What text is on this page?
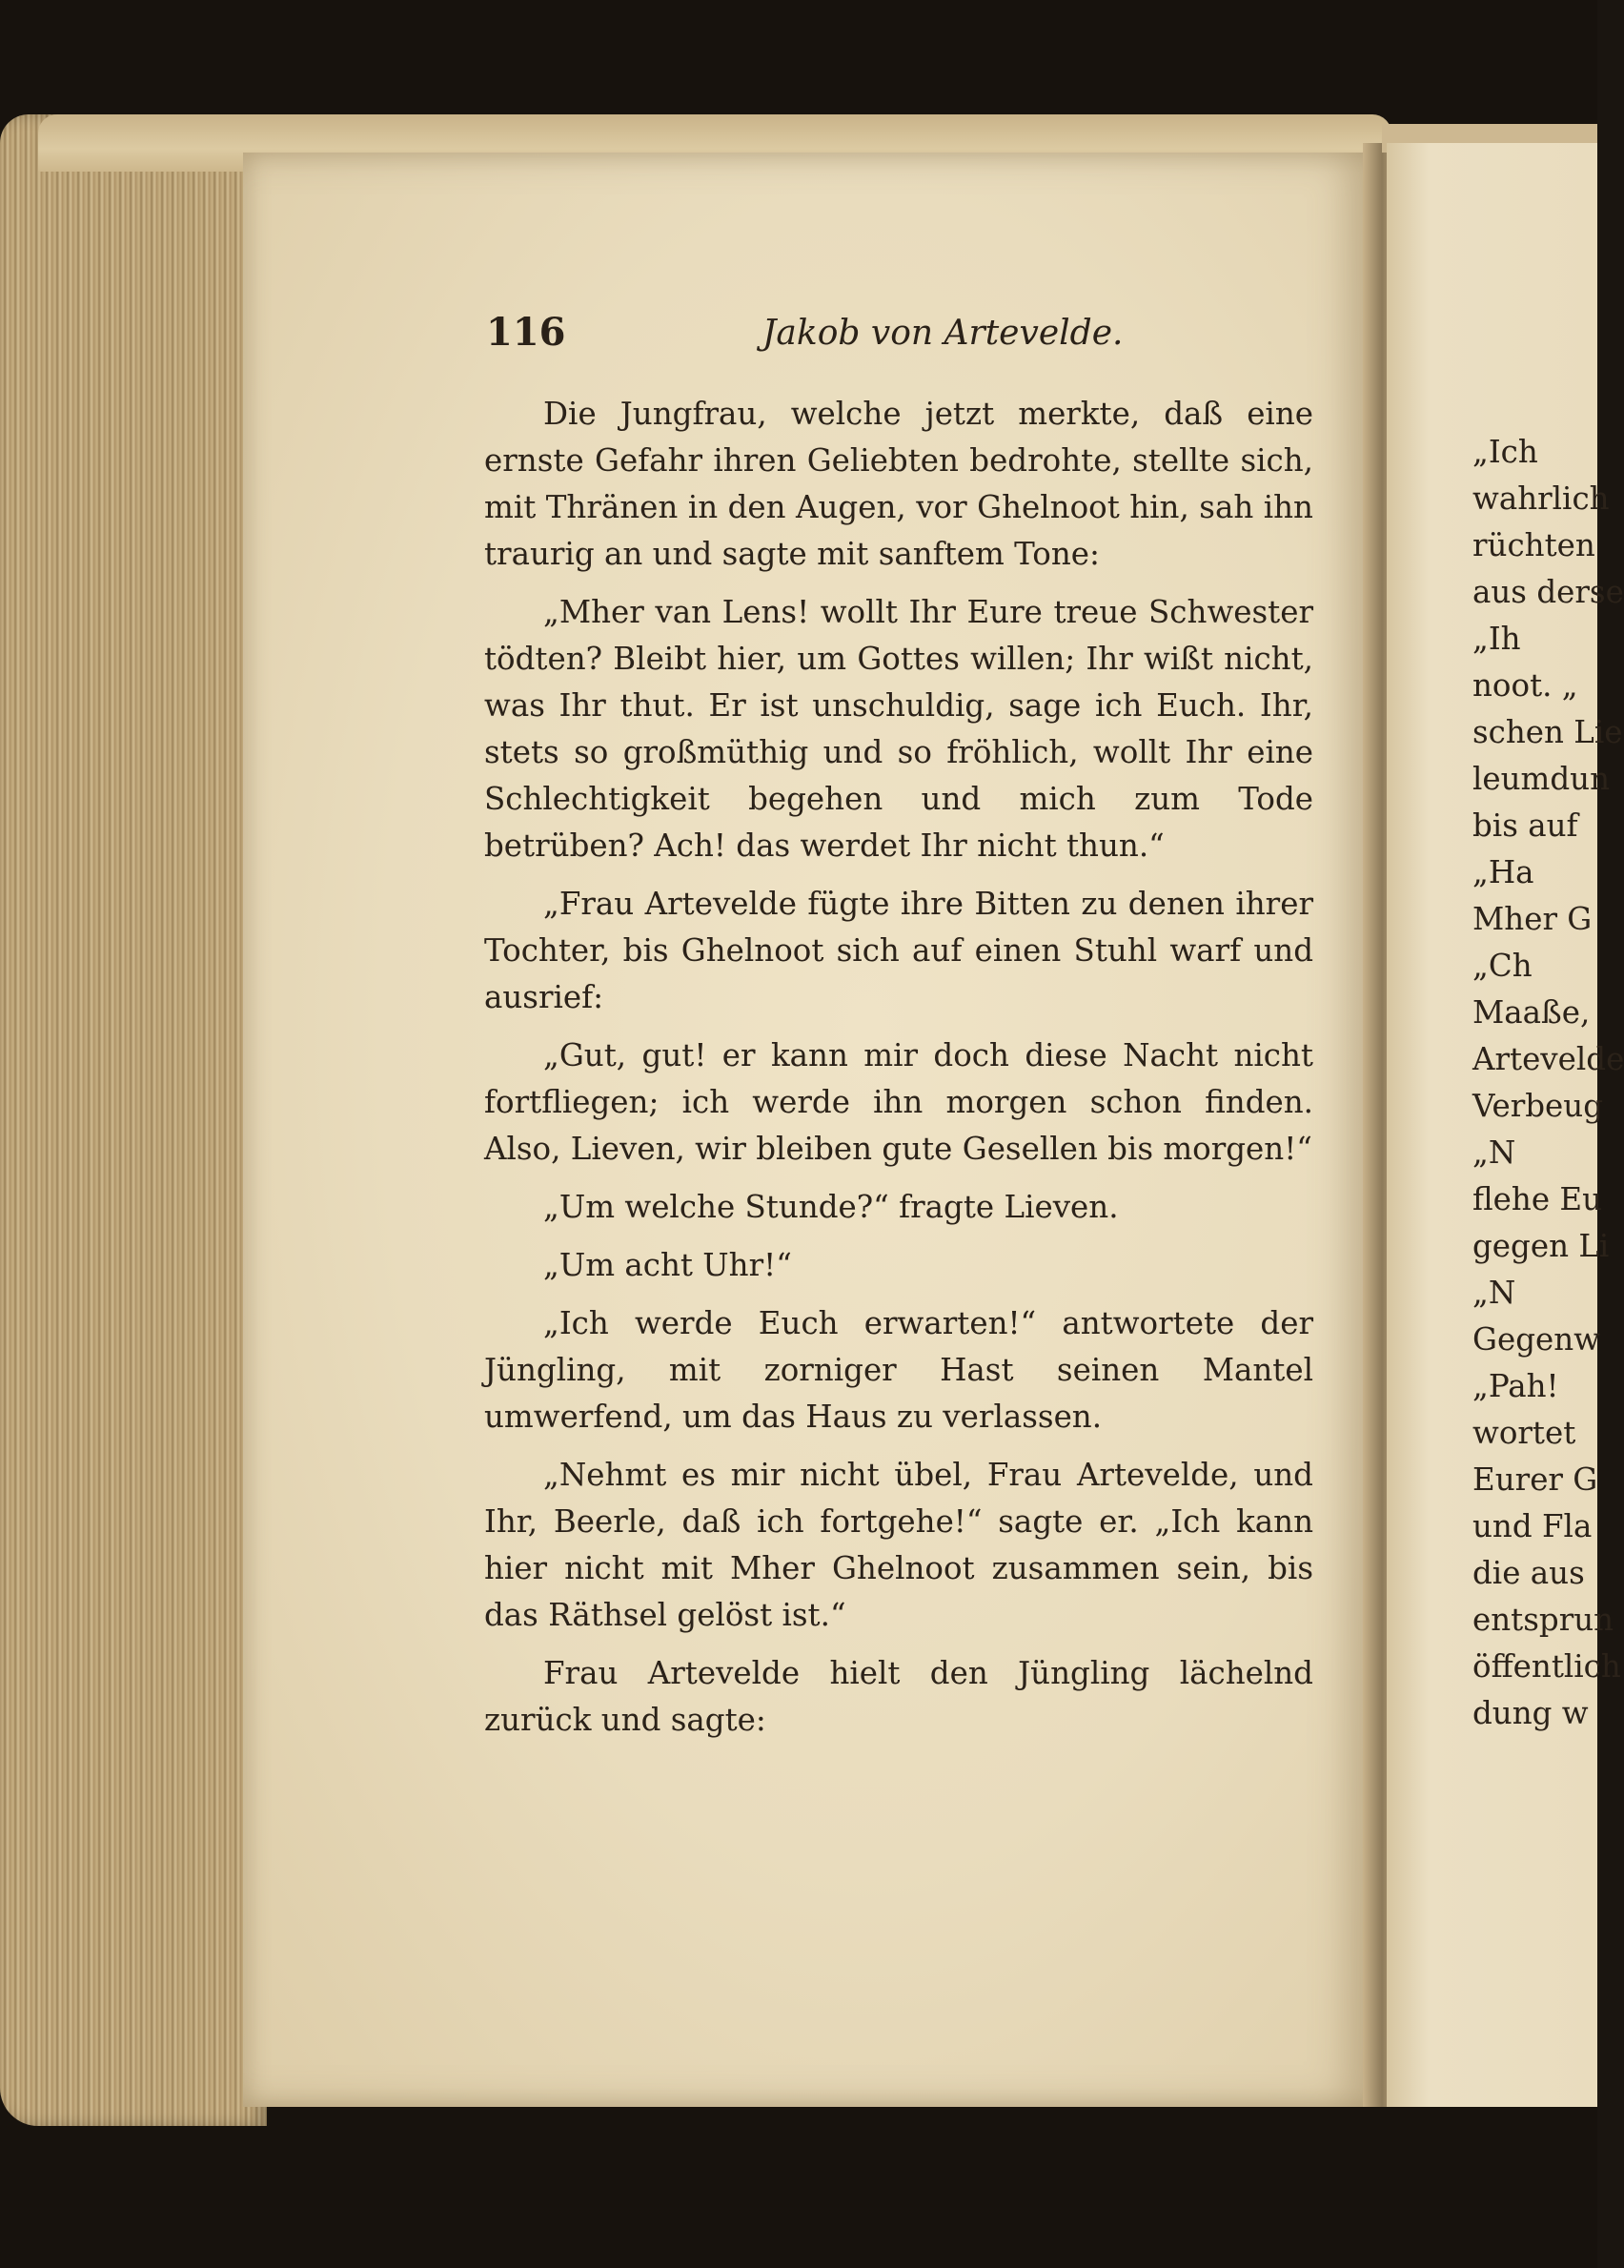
116	Jakob von Artevelde.

Die Jungfrau, welche jetzt merkte, daß eine ernste Gefahr ihren Geliebten bedrohte, stellte sich, mit Thränen in den Augen, vor Ghelnoot hin, sah ihn traurig an und sagte mit sanftem Tone:

„Mher van Lens! wollt Ihr Eure treue Schwester tödten? Bleibt hier, um Gottes willen; Ihr wißt nicht, was Ihr thut. Er ist unschuldig, sage ich Euch. Ihr, stets so großmüthig und so fröhlich, wollt Ihr eine Schlechtigkeit begehen und mich zum Tode betrüben? Ach! das werdet Ihr nicht thun.“

„Frau Artevelde fügte ihre Bitten zu denen ihrer Tochter, bis Ghelnoot sich auf einen Stuhl warf und ausrief:

„Gut, gut! er kann mir doch diese Nacht nicht fortfliegen; ich werde ihn morgen schon finden. Also, Lieven, wir bleiben gute Gesellen bis morgen!“

„Um welche Stunde?“ fragte Lieven.

„Um acht Uhr!“

„Ich werde Euch erwarten!“ antwortete der Jüngling, mit zorniger Hast seinen Mantel umwerfend, um das Haus zu verlassen.

„Nehmt es mir nicht übel, Frau Artevelde, und Ihr, Beerle, daß ich fortgehe!“ sagte er. „Ich kann hier nicht mit Mher Ghelnoot zusammen sein, bis das Räthsel gelöst ist.“

Frau Artevelde hielt den Jüngling lächelnd zurück und sagte:

„Ich
wahrlich
rüchten
aus derse
„Ih
noot. „
schen Lie
leumdun
bis auf
„Ha
Mher G
„Ch
Maaße,
Artevelde
Verbeug
„N
flehe Eu
gegen Li
„N
Gegenw
„Pah!
wortet
Eurer G
und Fla
die aus
entsprun
öffentlich
dung w
